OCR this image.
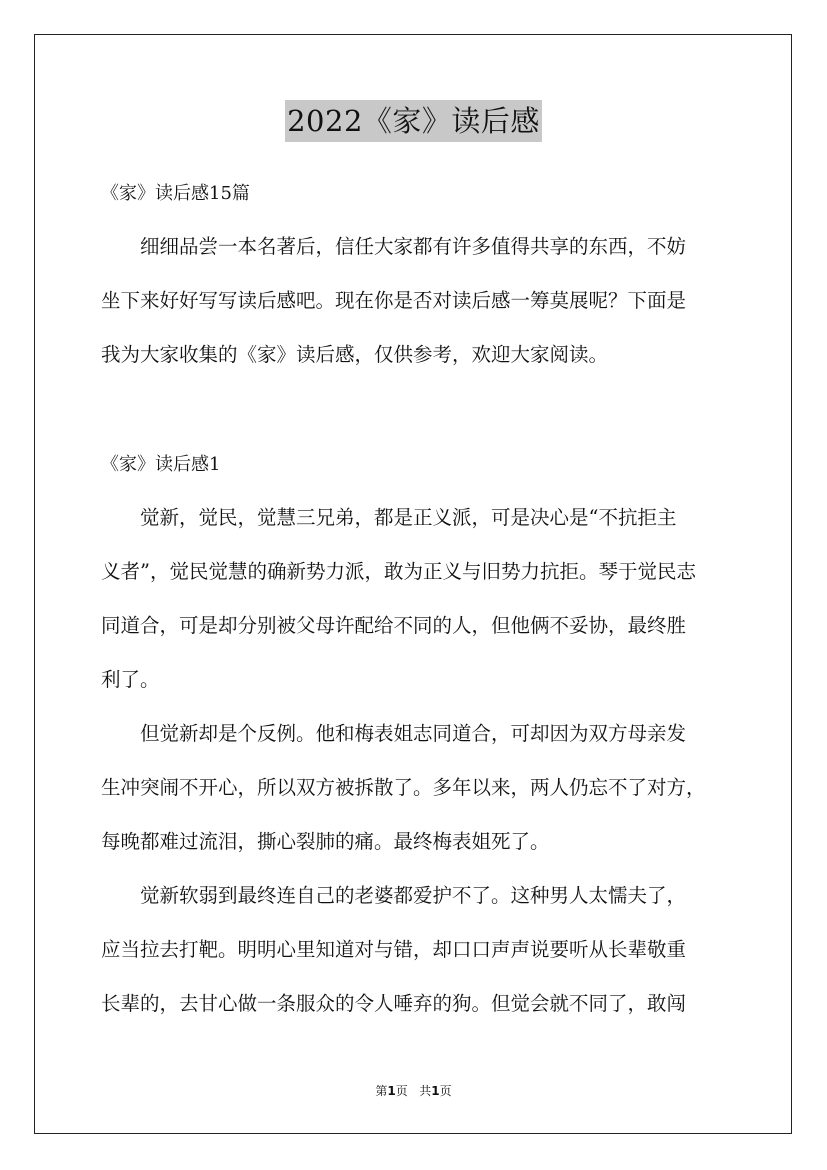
2022《家》读后感
《家》读后感15篇
　　细细品尝一本名著后，信任大家都有许多值得共享的东西，不妨
坐下来好好写写读后感吧。现在你是否对读后感一筹莫展呢？下面是
我为大家收集的《家》读后感，仅供参考，欢迎大家阅读。
《家》读后感1
　　觉新，觉民，觉慧三兄弟，都是正义派，可是决心是“不抗拒主
义者”，觉民觉慧的确新势力派，敢为正义与旧势力抗拒。琴于觉民志
同道合，可是却分别被父母许配给不同的人，但他俩不妥协，最终胜
利了。
　　但觉新却是个反例。他和梅表姐志同道合，可却因为双方母亲发
生冲突闹不开心，所以双方被拆散了。多年以来，两人仍忘不了对方，
每晚都难过流泪，撕心裂肺的痛。最终梅表姐死了。
　　觉新软弱到最终连自己的老婆都爱护不了。这种男人太懦夫了，
应当拉去打靶。明明心里知道对与错，却口口声声说要听从长辈敬重
长辈的，去甘心做一条服众的令人唾弃的狗。但觉会就不同了，敢闯
第1页 共1页
